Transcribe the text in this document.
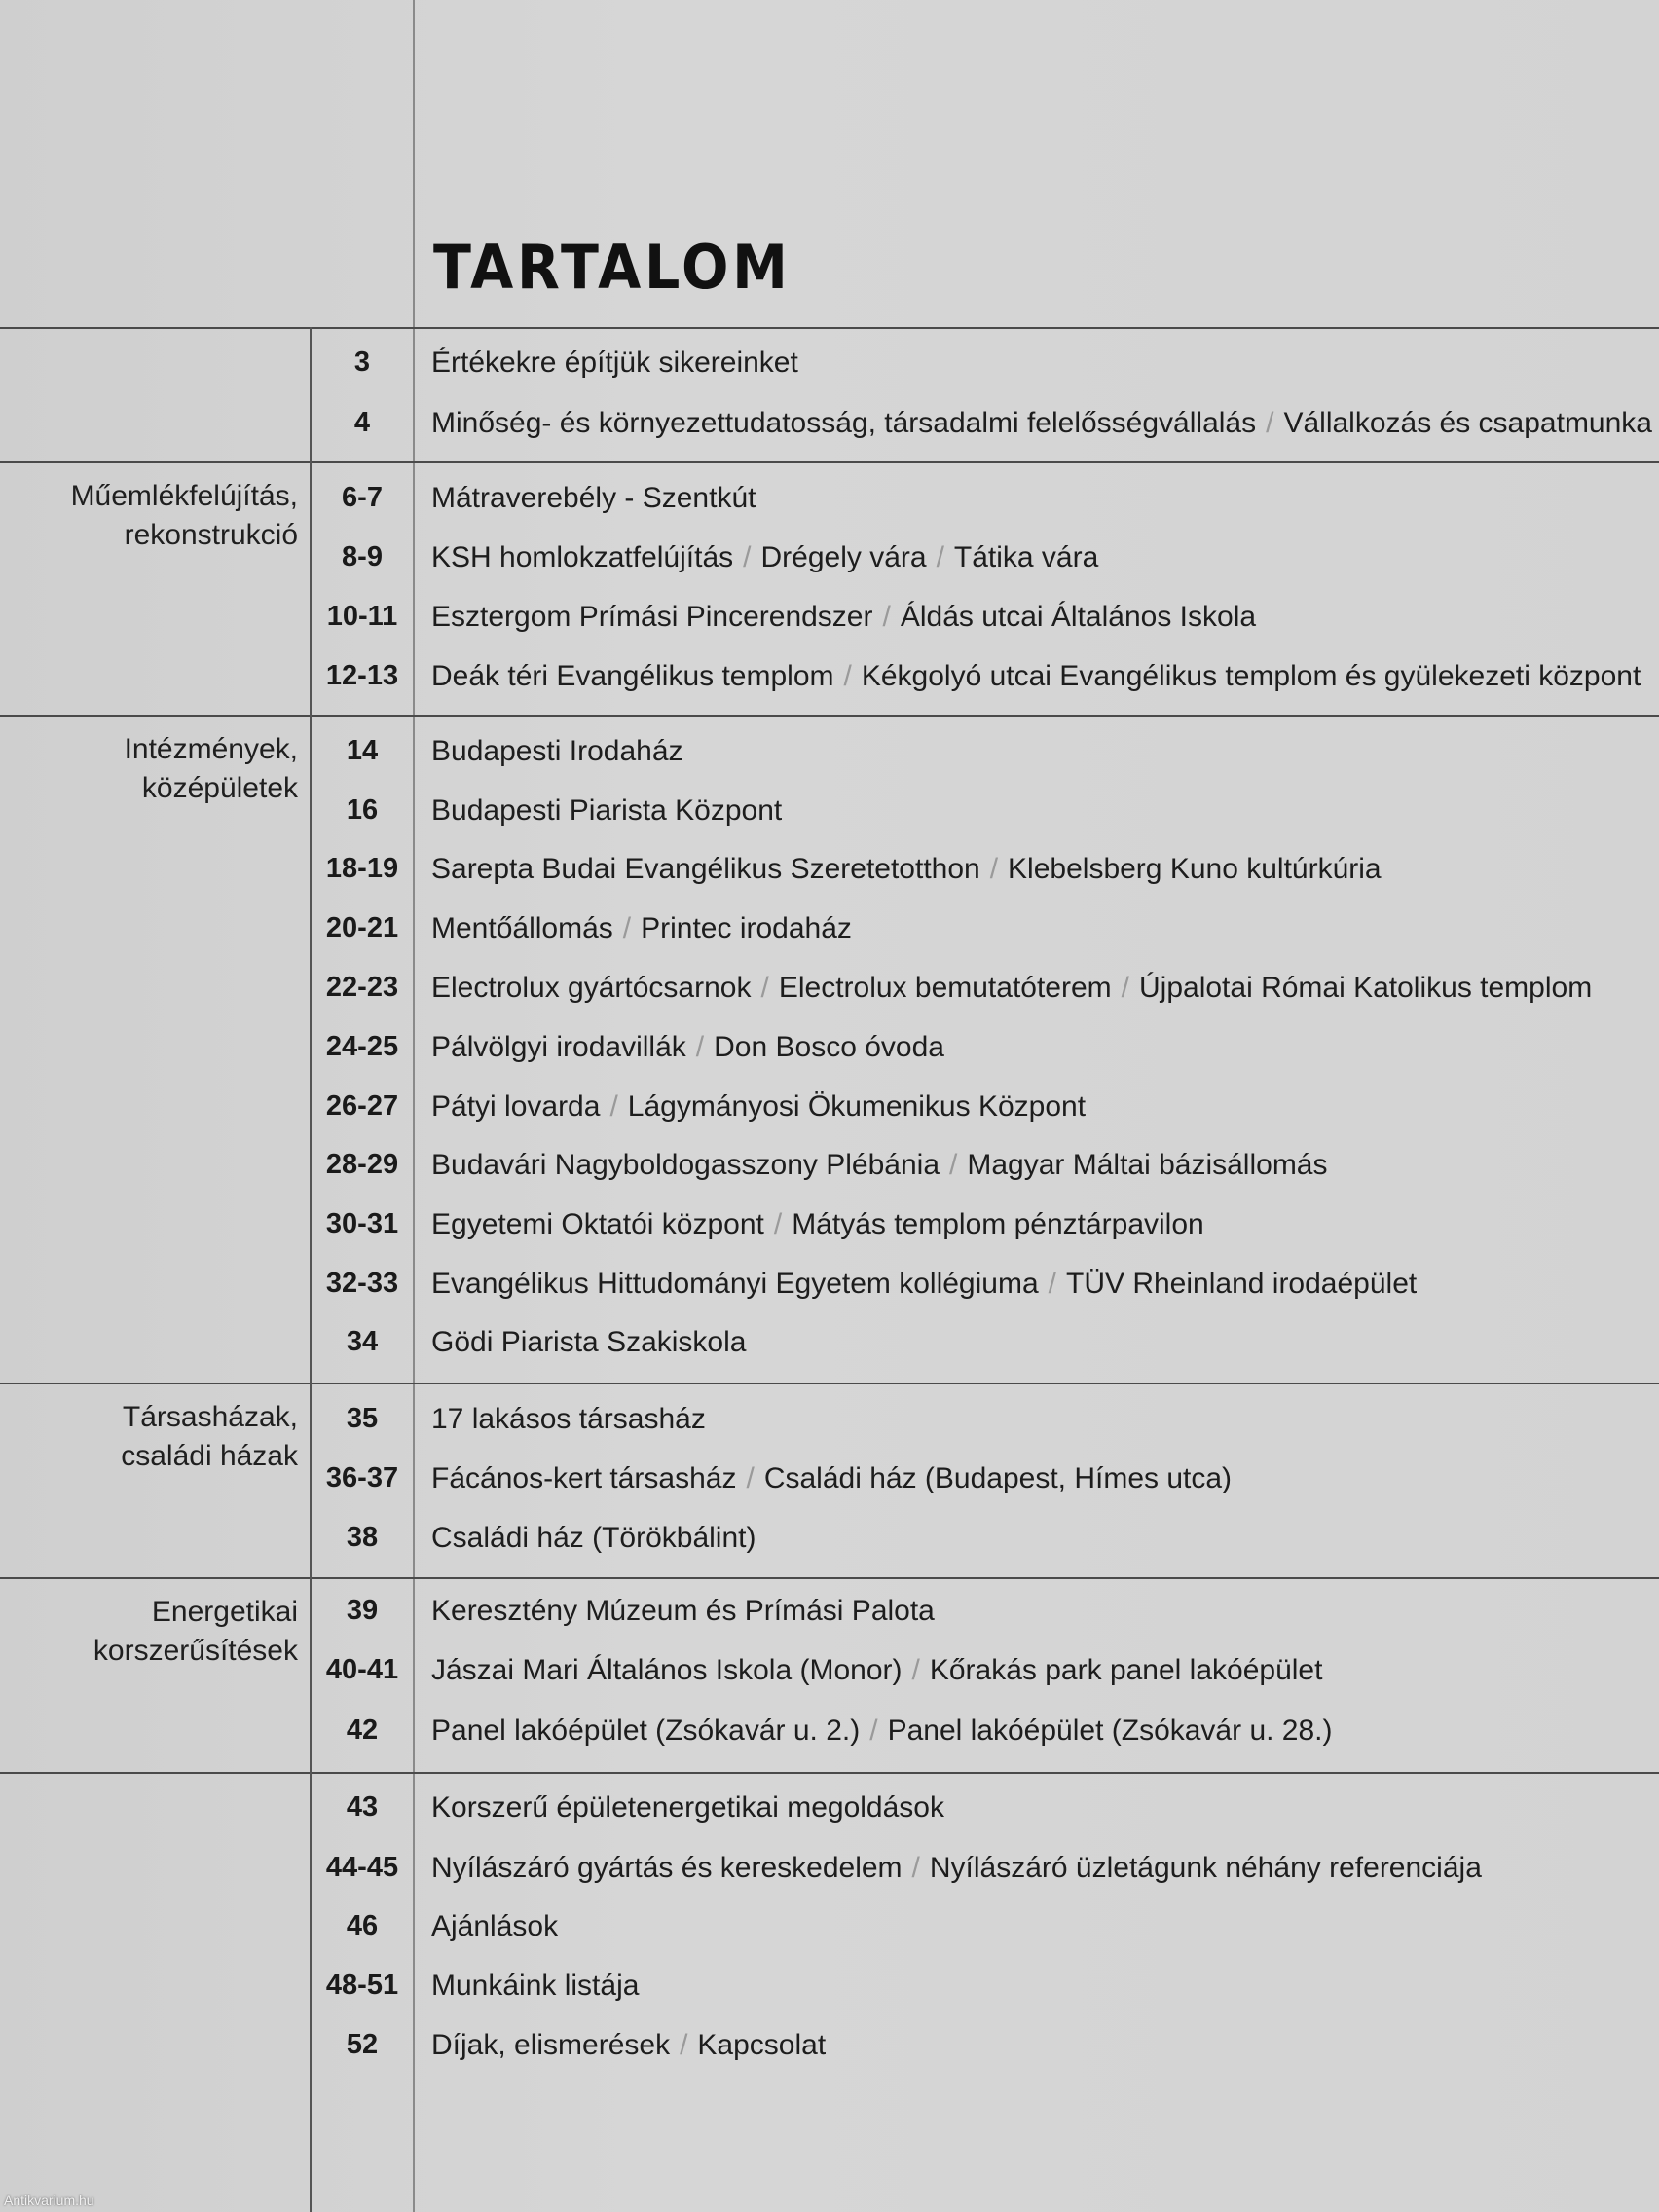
TARTALOM
3	Értékekre építjük sikereinket
4	Minőség- és környezettudatosság, társadalmi felelősségvállalás / Vállalkozás és csapatmunka
Műemlékfelújítás,
rekonstrukció
6-7	Mátraverebély - Szentkút
8-9	KSH homlokzatfelújítás / Drégely vára / Tátika vára
10-11	Esztergom Prímási Pincerendszer / Áldás utcai Általános Iskola
12-13	Deák téri Evangélikus templom / Kékgolyó utcai Evangélikus templom és gyülekezeti központ
Intézmények,
középületek
14	Budapesti Irodaház
16	Budapesti Piarista Központ
18-19	Sarepta Budai Evangélikus Szeretetotthon / Klebelsberg Kuno kultúrkúria
20-21	Mentőállomás / Printec irodaház
22-23	Electrolux gyártócsarnok / Electrolux bemutatóterem / Újpalotai Római Katolikus templom
24-25	Pálvölgyi irodavillák / Don Bosco óvoda
26-27	Pátyi lovarda / Lágymányosi Ökumenikus Központ
28-29	Budavári Nagyboldogasszony Plébánia / Magyar Máltai bázisállomás
30-31	Egyetemi Oktatói központ / Mátyás templom pénztárpavilon
32-33	Evangélikus Hittudományi Egyetem kollégiuma / TÜV Rheinland irodaépület
34	Gödi Piarista Szakiskola
Társasházak,
családi házak
35	17 lakásos társasház
36-37	Fácános-kert társasház / Családi ház (Budapest, Hímes utca)
38	Családi ház (Törökbálint)
Energetikai
korszerűsítések
39	Keresztény Múzeum és Prímási Palota
40-41	Jászai Mari Általános Iskola (Monor) / Kőrakás park panel lakóépület
42	Panel lakóépület (Zsókavár u. 2.) / Panel lakóépület (Zsókavár u. 28.)
43	Korszerű épületenergetikai megoldások
44-45	Nyílászáró gyártás és kereskedelem / Nyílászáró üzletágunk néhány referenciája
46	Ajánlások
48-51	Munkáink listája
52	Díjak, elismerések / Kapcsolat
Antikvarium.hu
